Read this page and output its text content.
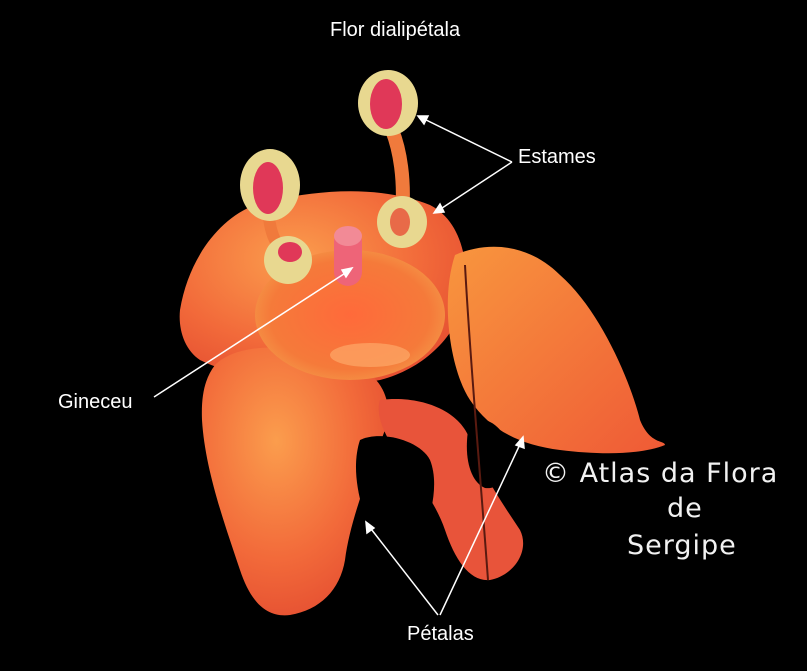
Flor dialipétala
Estames
Gineceu
Pétalas
© Atlas da Flora
de
Sergipe
